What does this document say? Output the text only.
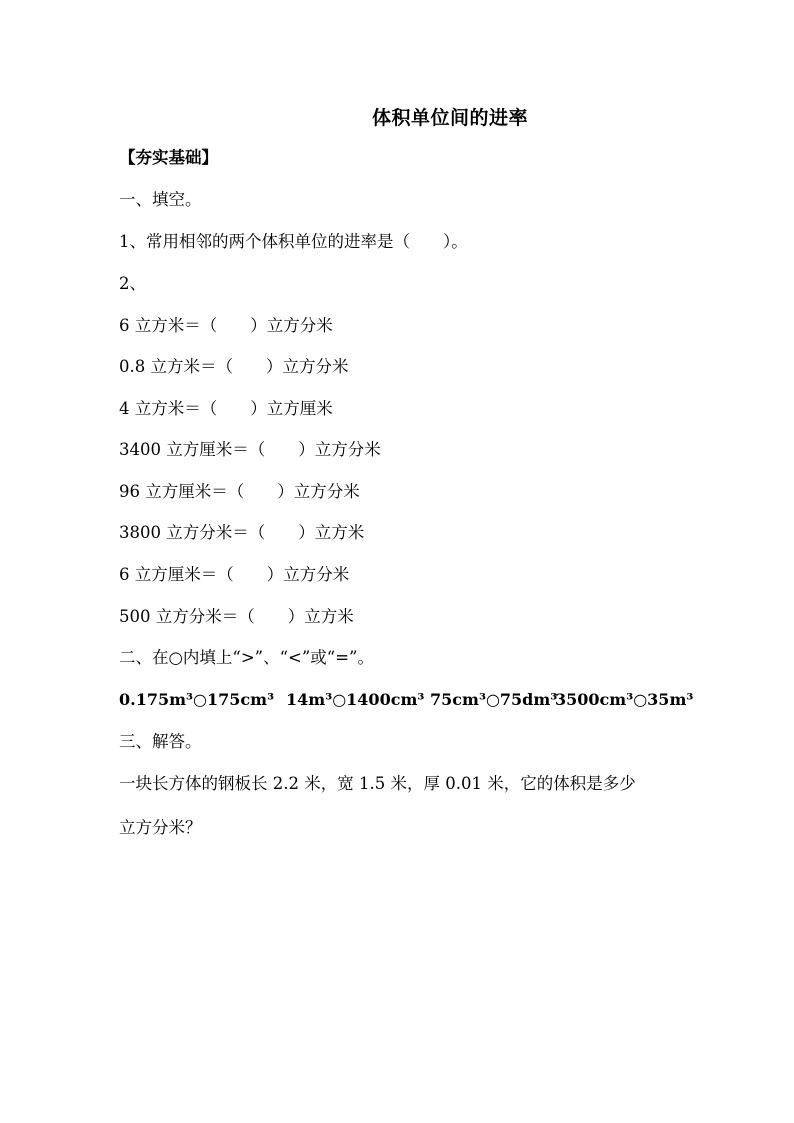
体积单位间的进率
【夯实基础】
一、填空。
1、常用相邻的两个体积单位的进率是（　　）。
2、
6 立方米＝（　　）立方分米
0.8 立方米＝（　　）立方分米
4 立方米＝（　　）立方厘米
3400 立方厘米＝（　　）立方分米
96 立方厘米＝（　　）立方分米
3800 立方分米＝（　　）立方米
6 立方厘米＝（　　）立方分米
500 立方分米＝（　　）立方米
二、在○内填上“>”、“<”或“=”。
0.175m³○175cm³ 14m³○1400cm³ 75cm³○75dm³
3500cm³○35m³
三、解答。
一块长方体的钢板长 2.2 米，宽 1.5 米，厚 0.01 米，它的体积是多少
立方分米？
